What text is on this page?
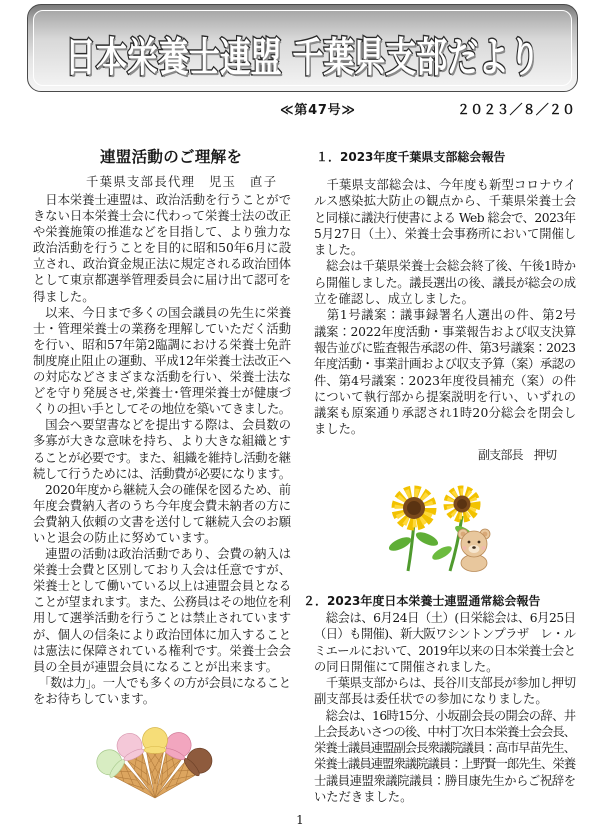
日本栄養士連盟 千葉県支部だより
≪第47号≫	２０２３／８／２０
連盟活動のご理解を
千葉県支部長代理　児玉　直子
　日本栄養士連盟は、政治活動を行うことがで
きない日本栄養士会に代わって栄養士法の改正
や栄養施策の推進などを目指して、より強力な
政治活動を行うことを目的に昭和50年6月に設
立され、政治資金規正法に規定される政治団体
として東京都選挙管理委員会に届け出て認可を
得ました。
　以来、今日まで多くの国会議員の先生に栄養
士・管理栄養士の業務を理解していただく活動
を行い、昭和57年第2臨調における栄養士免許
制度廃止阻止の運動、平成12年栄養士法改正へ
の対応などさまざまな活動を行い、栄養士法な
どを守り発展させ,栄養士･管理栄養士が健康づ
くりの担い手としてその地位を築いてきました。
　国会へ要望書などを提出する際は、会員数の
多寡が大きな意味を持ち、より大きな組織とす
ることが必要です。また、組織を維持し活動を継
続して行うためには、活動費が必要になります。
　2020年度から継続入会の確保を図るため、前
年度会費納入者のうち今年度会費未納者の方に
会費納入依頼の文書を送付して継続入会のお願
いと退会の防止に努めています。
　連盟の活動は政治活動であり、会費の納入は
栄養士会費と区別しており入会は任意ですが、
栄養士として働いている以上は連盟会員となる
ことが望まれます。また、公務員はその地位を利
用して選挙活動を行うことは禁止されています
が、個人の信条により政治団体に加入すること
は憲法に保障されている権利です。栄養士会会
員の全員が連盟会員になることが出来ます。
　「数は力」。一人でも多くの方が会員になること
をお待ちしています。
１．2023年度千葉県支部総会報告
　千葉県支部総会は、今年度も新型コロナウイ
ルス感染拡大防止の観点から、千葉県栄養士会
と同様に議決行使書による Web 総会で、2023年
5月27日（土）、栄養士会事務所において開催し
ました。
　総会は千葉県栄養士会総会終了後、午後1時か
ら開催しました。議長選出の後、議長が総会の成
立を確認し、成立しました。
　第1号議案：議事録署名人選出の件、第2号
議案：2022年度活動・事業報告および収支決算
報告並びに監査報告承認の件、第3号議案：2023
年度活動・事業計画および収支予算（案）承認の
件、第4号議案：2023年度役員補充（案）の件
について執行部から提案説明を行い、いずれの
議案も原案通り承認され1時20分総会を閉会し
ました。
副支部長　押切
２．2023年度日本栄養士連盟通常総会報告
　総会は、6月24日（土）(日栄総会は、6月25日
（日）も開催)、新大阪ワシントンプラザ　レ・ル
ミエールにおいて、2019年以来の日本栄養士会と
の同日開催にて開催されました。
　千葉県支部からは、長谷川支部長が参加し押切
副支部長は委任状での参加になりました。
　総会は、16時15分、小坂副会長の開会の辞、井
上会長あいさつの後、中村丁次日本栄養士会会長、
栄養士議員連盟副会長衆議院議員：高市早苗先生、
栄養士議員連盟衆議院議員：上野賢一郎先生、栄養
士議員連盟衆議院議員：勝目康先生からご祝辞を
いただきました。
1
